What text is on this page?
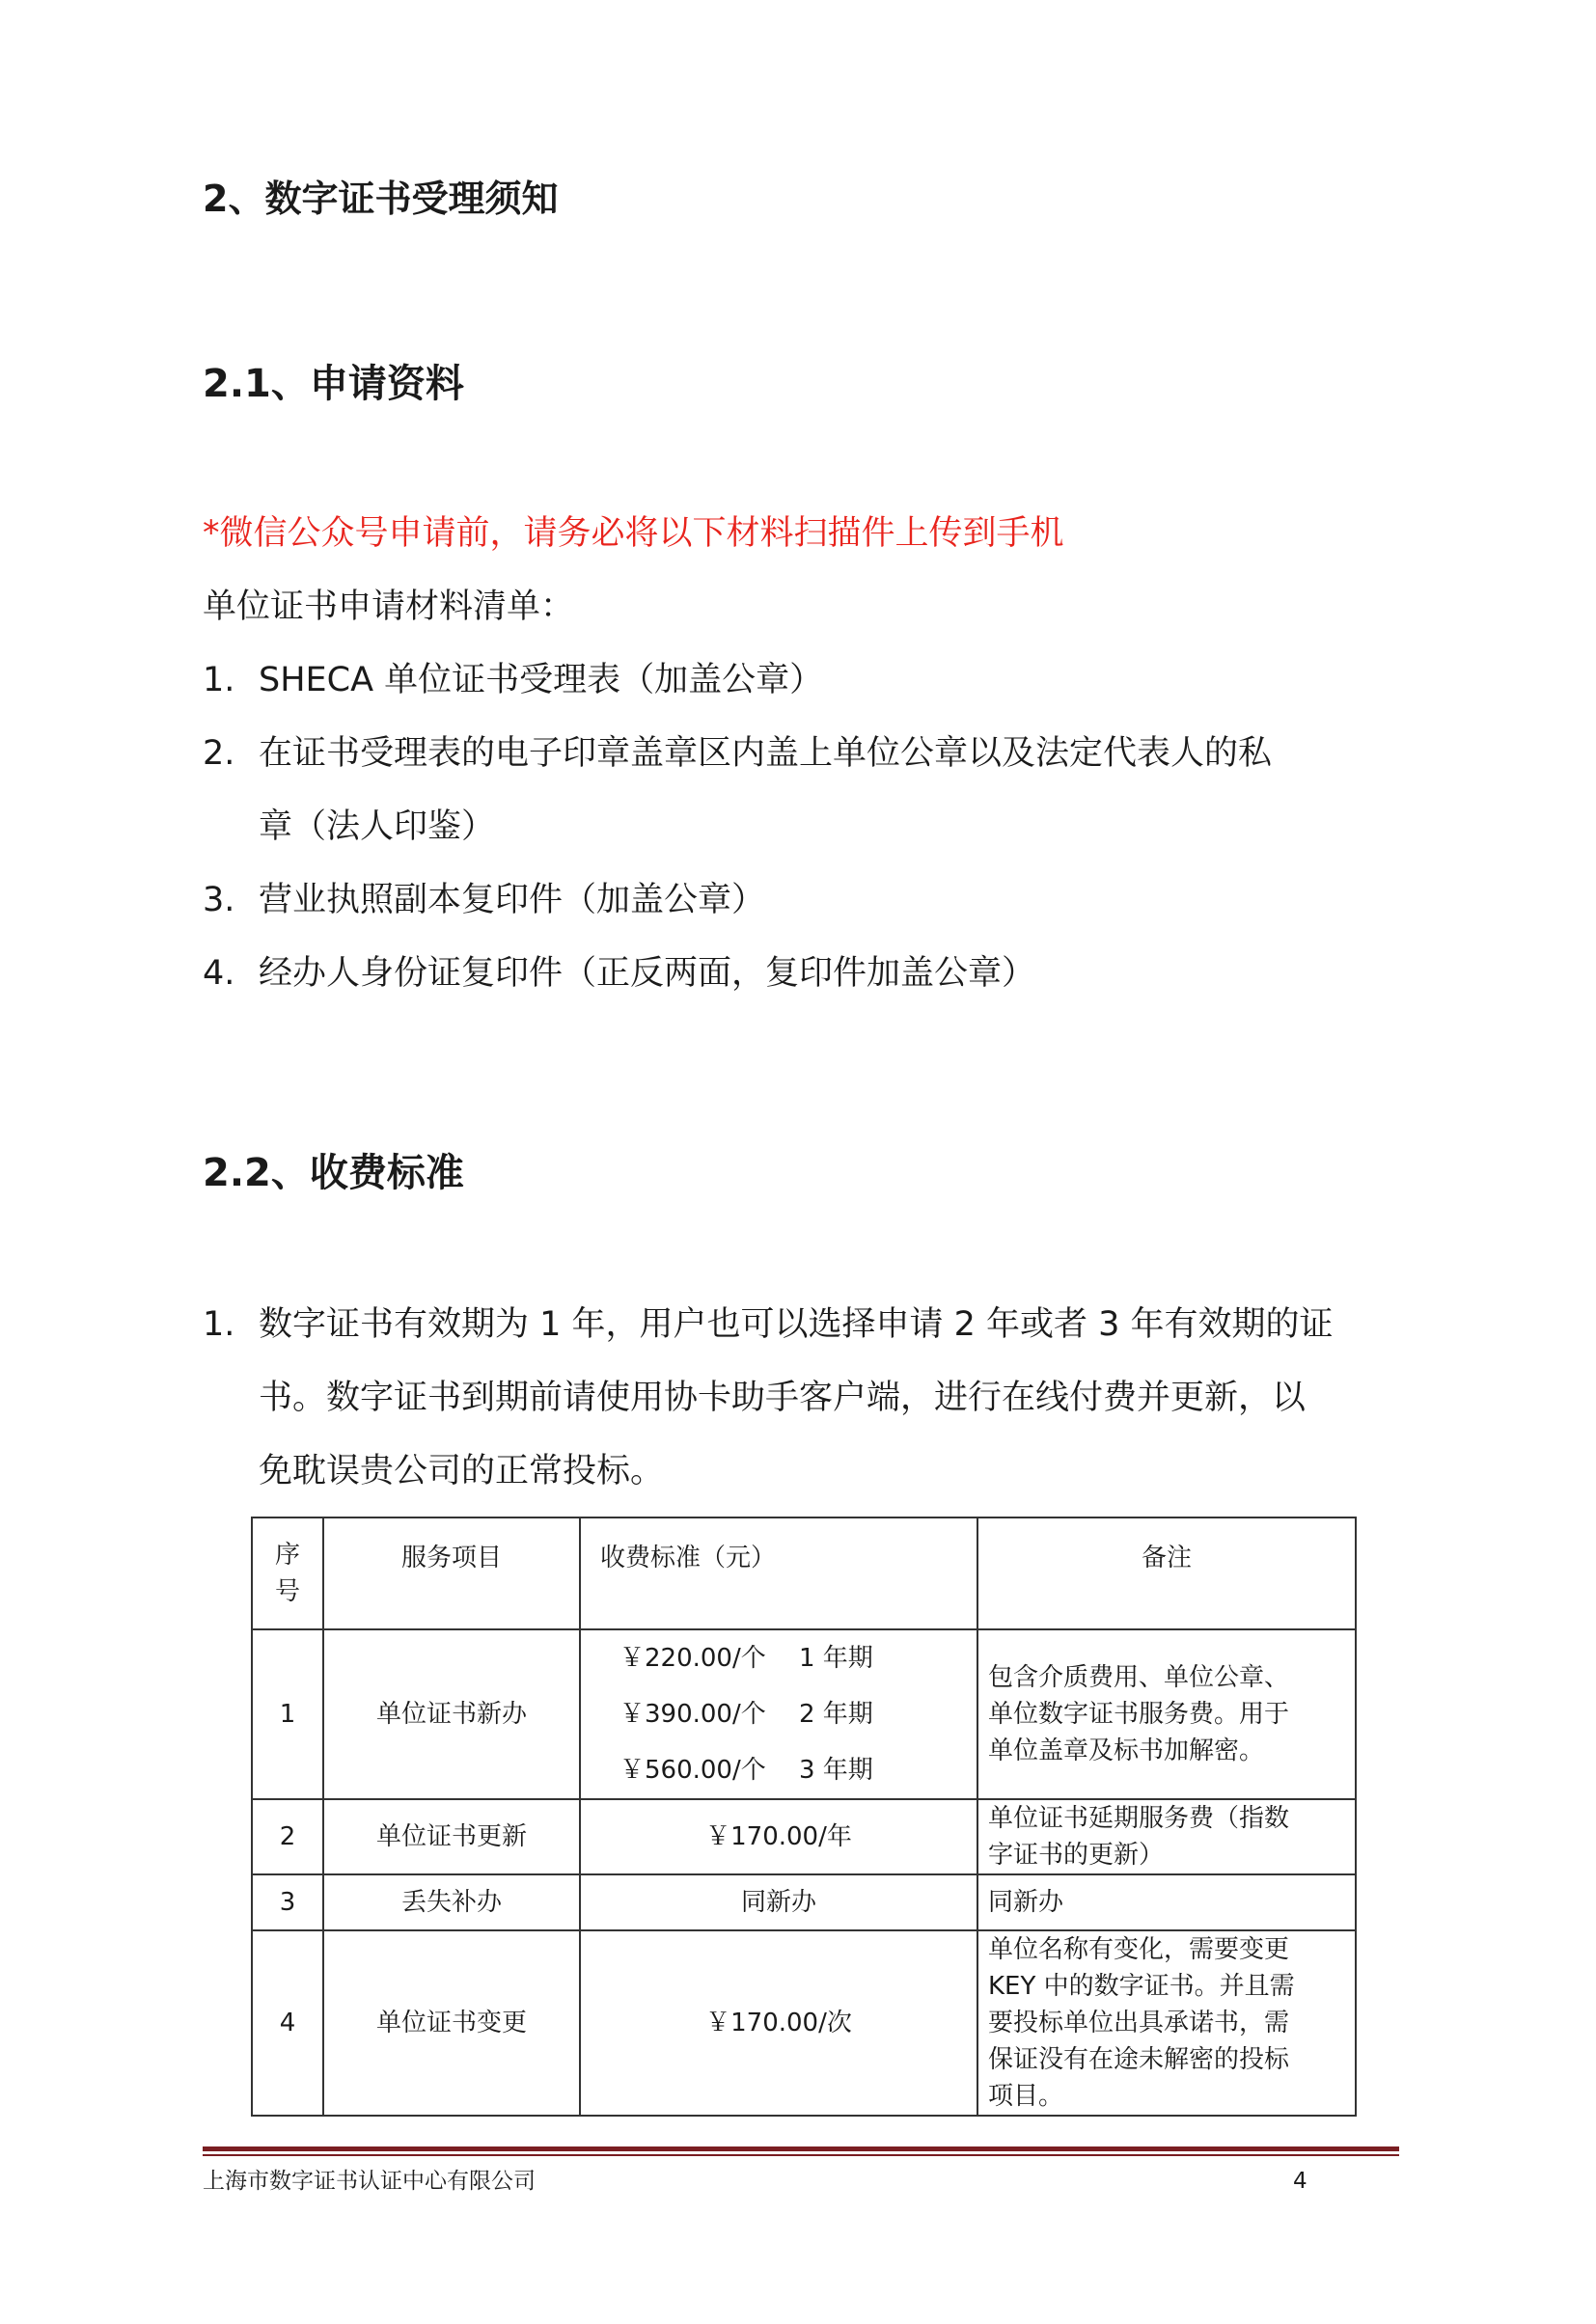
2、数字证书受理须知
2.1、申请资料
*微信公众号申请前，请务必将以下材料扫描件上传到手机
单位证书申请材料清单：
1. SHECA 单位证书受理表（加盖公章）
2. 在证书受理表的电子印章盖章区内盖上单位公章以及法定代表人的私
章（法人印鉴）
3. 营业执照副本复印件（加盖公章）
4. 经办人身份证复印件（正反两面，复印件加盖公章）
2.2、收费标准
1. 数字证书有效期为 1 年，用户也可以选择申请 2 年或者 3 年有效期的证
书。数字证书到期前请使用协卡助手客户端，进行在线付费并更新，以
免耽误贵公司的正常投标。
序
号	服务项目	收费标准（元）	备注
1	单位证书新办	￥220.00/个　 1 年期
￥390.00/个　 2 年期
￥560.00/个　 3 年期	包含介质费用、单位公章、
单位数字证书服务费。用于
单位盖章及标书加解密。

2	单位证书更新	￥170.00/年	单位证书延期服务费（指数
字证书的更新）

3	丢失补办	同新办	同新办
4	单位证书变更	￥170.00/次	单位名称有变化，需要变更
KEY 中的数字证书。并且需
要投标单位出具承诺书，需
保证没有在途未解密的投标
项目。
上海市数字证书认证中心有限公司	4
